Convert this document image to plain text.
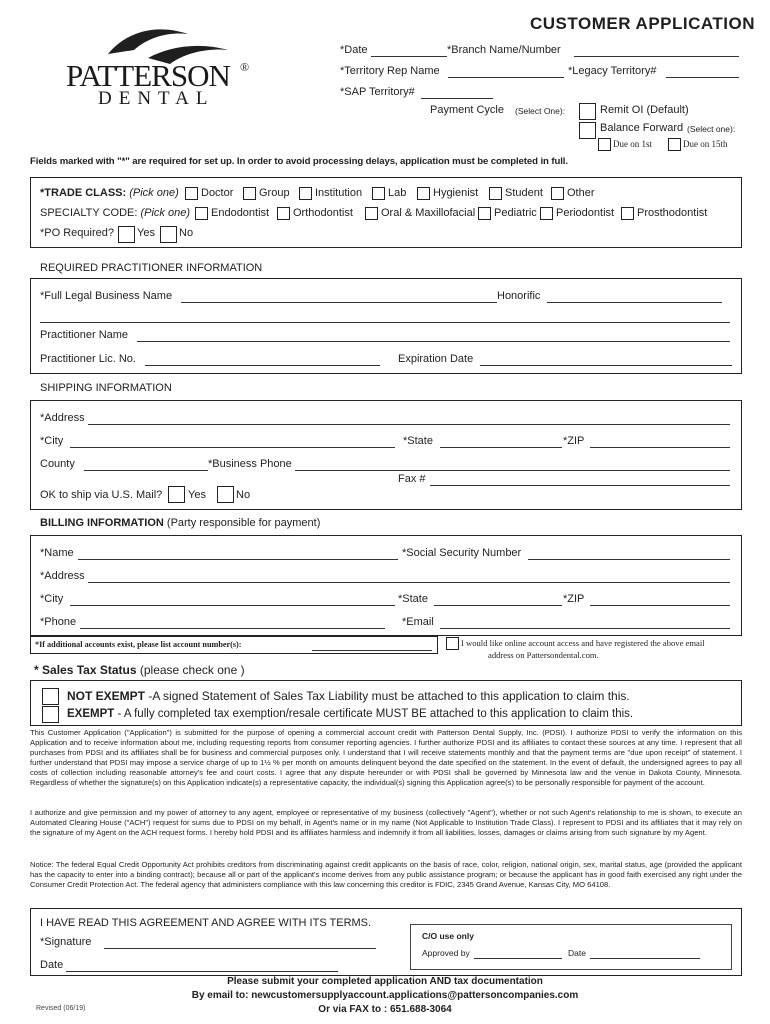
PATTERSON ®
DENTAL
CUSTOMER APPLICATION
*Date	*Branch Name/Number
*Territory Rep Name	*Legacy Territory#
*SAP Territory#
Payment Cycle (Select One):	Remit OI (Default)
Balance Forward (Select one):
Due on 1st	Due on 15th
Fields marked with "*" are required for set up. In order to avoid processing delays, application must be completed in full.
*TRADE CLASS: (Pick one) Doctor Group Institution Lab Hygienist Student Other
SPECIALTY CODE: (Pick one) Endodontist Orthodontist	Oral & Maxillofacial Pediatric Periodontist Prosthodontist
*PO Required? Yes No
REQUIRED PRACTITIONER INFORMATION
*Full Legal Business Name	Honorific
Practitioner Name
Practitioner Lic. No.	Expiration Date
SHIPPING INFORMATION
*Address
*City	*State	*ZIP
County	*Business Phone
Fax #
OK to ship via U.S. Mail? Yes	No
BILLING INFORMATION (Party responsible for payment)
*Name	*Social Security Number
*Address
*City	*State	*ZIP
*Phone	*Email
*If additional accounts exist, please list account number(s):	I would like online account access and have registered the above email
address on Pattersondental.com.
* Sales Tax Status (please check one )
NOT EXEMPT -A signed Statement of Sales Tax Liability must be attached to this application to claim this.
EXEMPT - A fully completed tax exemption/resale certificate MUST BE attached to this application to claim this.
This Customer Application ("Application") is submitted for the purpose of opening a commercial account credit with Patterson Dental Supply, Inc. (PDSI). I authorize PDSI to verify the information on this Application and to receive information about me, including requesting reports from consumer reporting agencies. I further authorize PDSI and its affiliates to contact these sources at any time. I represent that all purchases from PDSI and its affiliates shall be for business and commercial purposes only. I understand that I will receive statements monthly and that the payment terms are "due upon receipt" of statement. I further understand that PDSI may impose a service charge of up to 1½ % per month on amounts delinquent beyond the date specified on the statement. In the event of default, the undersigned agrees to pay all costs of collection including reasonable attorney's fee and court costs. I agree that any dispute hereunder or with PDSI shall be governed by Minnesota law and the venue in Dakota County, Minnesota. Regardless of whether the signature(s) on this Application indicate(s) a representative capacity, the individual(s) signing this Application agree(s) to be personally responsible for payment of the account.
I authorize and give permission and my power of attorney to any agent, employee or representative of my business (collectively "Agent"), whether or not such Agent's relationship to me is shown, to execute an Automated Clearing House ("ACH") request for sums due to PDSI on my behalf, in Agent's name or in my name (Not Applicable to Institution Trade Class). I represent to PDSI and its affiliates that it may rely on the signature of my Agent on the ACH request forms. I hereby hold PDSI and its affiliates harmless and indemnify it from all liabilities, losses, damages or claims arising from such signature by my Agent.
Notice: The federal Equal Credit Opportunity Act prohibits creditors from discriminating against credit applicants on the basis of race, color, religion, national origin, sex, marital status, age (provided the applicant has the capacity to enter into a binding contract); because all or part of the applicant's income derives from any public assistance program; or because the applicant has in good faith exercised any right under the Consumer Credit Protection Act. The federal agency that administers compliance with this law concerning this creditor is FDIC, 2345 Grand Avenue, Kansas City, MO 64108.
I HAVE READ THIS AGREEMENT AND AGREE WITH ITS TERMS.
*Signature
Date
C/O use only
Approved by	Date
Please submit your completed application AND tax documentation
By email to: newcustomersupplyaccount.applications@pattersoncompanies.com
Or via FAX to : 651.688-3064
Revised (06/19)
